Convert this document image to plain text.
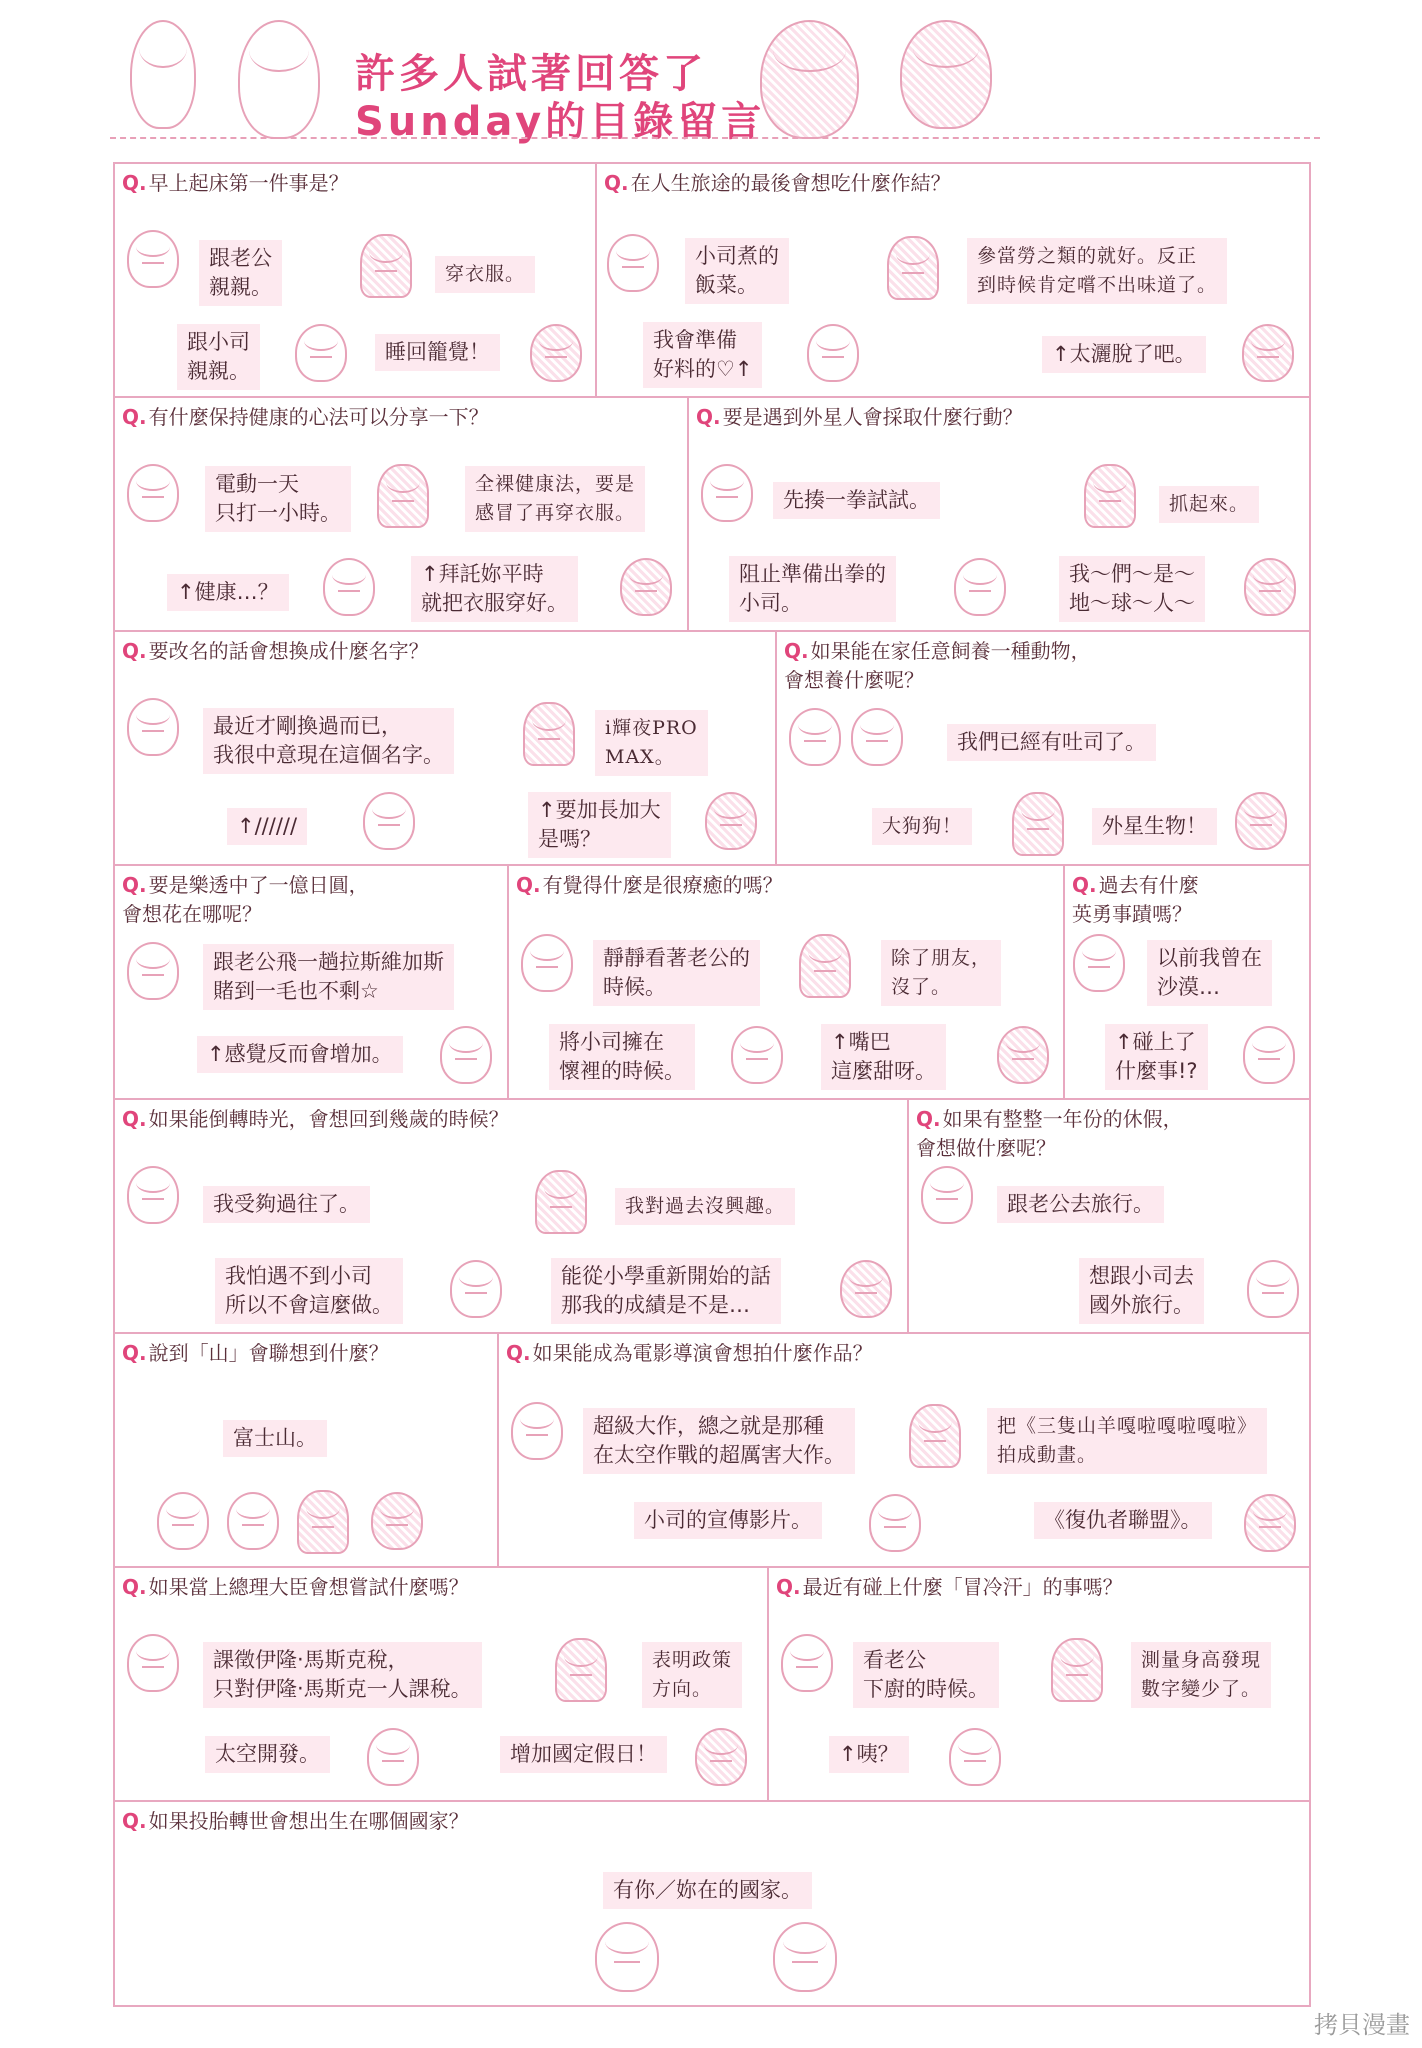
許多人試著回答了
Sunday的目錄留言
Q. 早上起床第一件事是？
跟老公
親親。
穿衣服。
跟小司
親親。
睡回籠覺！
Q. 在人生旅途的最後會想吃什麼作結？
小司煮的
飯菜。
參當勞之類的就好。反正
到時候肯定嚐不出味道了。
我會準備
好料的♡↑
↑太灑脫了吧。
Q. 有什麼保持健康的心法可以分享一下？
電動一天
只打一小時。
全裸健康法，要是
感冒了再穿衣服。
↑健康…？
↑拜託妳平時
就把衣服穿好。
Q. 要是遇到外星人會採取什麼行動？
先揍一拳試試。	抓起來。
阻止準備出拳的
小司。
我～們～是～
地～球～人～
Q. 要改名的話會想換成什麼名字？
最近才剛換過而已，
我很中意現在這個名字。
i輝夜PRO
MAX。
↑//////
↑要加長加大
是嗎？
Q. 如果能在家任意飼養一種動物，
會想養什麼呢？
我們已經有吐司了。
大狗狗！	外星生物！
Q. 要是樂透中了一億日圓，
會想花在哪呢？
跟老公飛一趟拉斯維加斯
賭到一毛也不剩☆
↑感覺反而會增加。
Q. 有覺得什麼是很療癒的嗎？
靜靜看著老公的
時候。
除了朋友，
沒了。
將小司擁在
懷裡的時候。
↑嘴巴
這麼甜呀。
Q. 過去有什麼
英勇事蹟嗎？
以前我曾在
沙漠…
↑碰上了
什麼事!?
Q. 如果能倒轉時光，會想回到幾歲的時候？
我受夠過往了。	我對過去沒興趣。
我怕遇不到小司
所以不會這麼做。
能從小學重新開始的話
那我的成績是不是…
Q. 如果有整整一年份的休假，
會想做什麼呢？
跟老公去旅行。
想跟小司去
國外旅行。
Q. 說到「山」會聯想到什麼？
富士山。
Q. 如果能成為電影導演會想拍什麼作品？
超級大作，總之就是那種
在太空作戰的超厲害大作。
把《三隻山羊嘎啦嘎啦嘎啦》
拍成動畫。
小司的宣傳影片。	《復仇者聯盟》。
Q. 如果當上總理大臣會想嘗試什麼嗎？
課徵伊隆‧馬斯克稅，
只對伊隆‧馬斯克一人課稅。
表明政策
方向。
太空開發。	增加國定假日！
Q. 最近有碰上什麼「冒冷汗」的事嗎？
看老公
下廚的時候。
測量身高發現
數字變少了。
↑咦？
Q. 如果投胎轉世會想出生在哪個國家？
有你／妳在的國家。
拷貝漫畫
